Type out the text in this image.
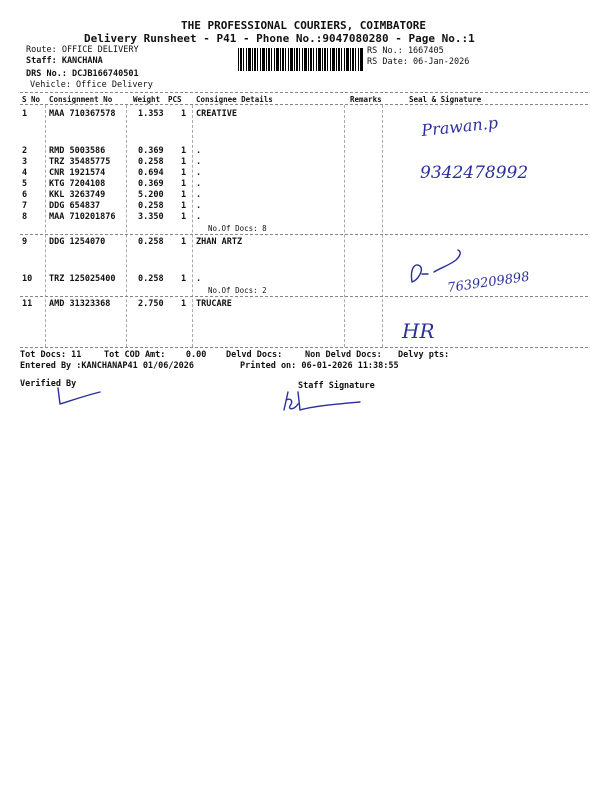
THE PROFESSIONAL COURIERS, COIMBATORE
Delivery Runsheet - P41 - Phone No.:9047080280 - Page No.:1
Route: OFFICE DELIVERY
Staff: KANCHANA
DRS No.: DCJB166740501
Vehicle: Office Delivery
RS No.: 1667405
RS Date: 06-Jan-2026
S No Consignment No	Weight PCS Consignee Details	Remarks	Seal & Signature
1	MAA 710367578	1.353 1 CREATIVE
2	RMD 5003586	0.369 1 .
3	TRZ 35485775	0.258 1 .
4	CNR 1921574	0.694 1 .
5	KTG 7204108	0.369 1 .
6	KKL 3263749	5.200 1 .
7	DDG 654837	0.258 1 .
8	MAA 710201876	3.350 1 .
No.Of Docs: 8
9	DDG 1254070	0.258 1 ZHAN ARTZ
10 TRZ 125025400	0.258 1 .
No.Of Docs: 2
11 AMD 31323368	2.750 1 TRUCARE
Tot Docs: 11	Tot COD Amt:    0.00 Delvd Docs:	Non Delvd Docs: Delvy pts:
Entered By :KANCHANAP41 01/06/2026	Printed on: 06-01-2026 11:38:55
Verified By	Staff Signature
Prawan.p
9342478992
7639209898
HR
